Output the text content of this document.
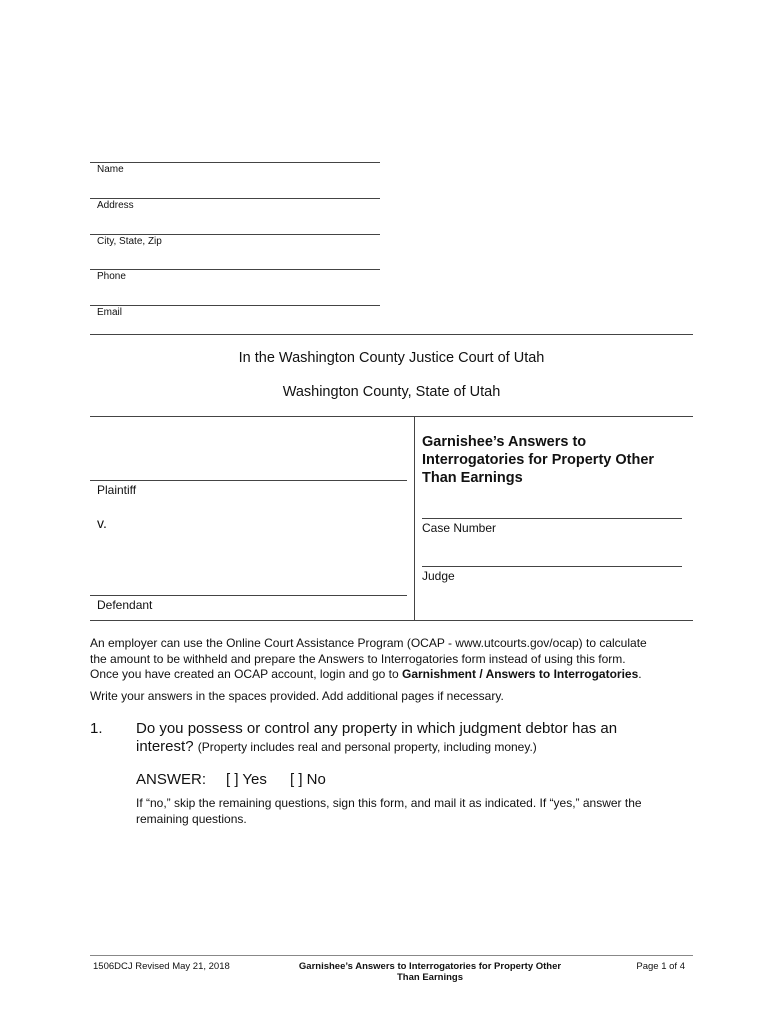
Name
Address
City, State, Zip
Phone
Email
In the Washington County Justice Court of Utah
Washington County, State of Utah
Garnishee’s Answers to
Interrogatories for Property Other
Than Earnings
Plaintiff
v.	Case Number
Judge
Defendant
An employer can use the Online Court Assistance Program (OCAP - www.utcourts.gov/ocap) to calculate
the amount to be withheld and prepare the Answers to Interrogatories form instead of using this form.
Once you have created an OCAP account, login and go to Garnishment / Answers to Interrogatories.
Write your answers in the spaces provided. Add additional pages if necessary.
1. Do you possess or control any property in which judgment debtor has an
interest? (Property includes real and personal property, including money.)
ANSWER: [ ] Yes [ ] No
If “no,” skip the remaining questions, sign this form, and mail it as indicated. If “yes,” answer the
remaining questions.
1506DCJ Revised May 21, 2018	Garnishee’s Answers to Interrogatories for Property Other
Than Earnings
Page 1 of 4
